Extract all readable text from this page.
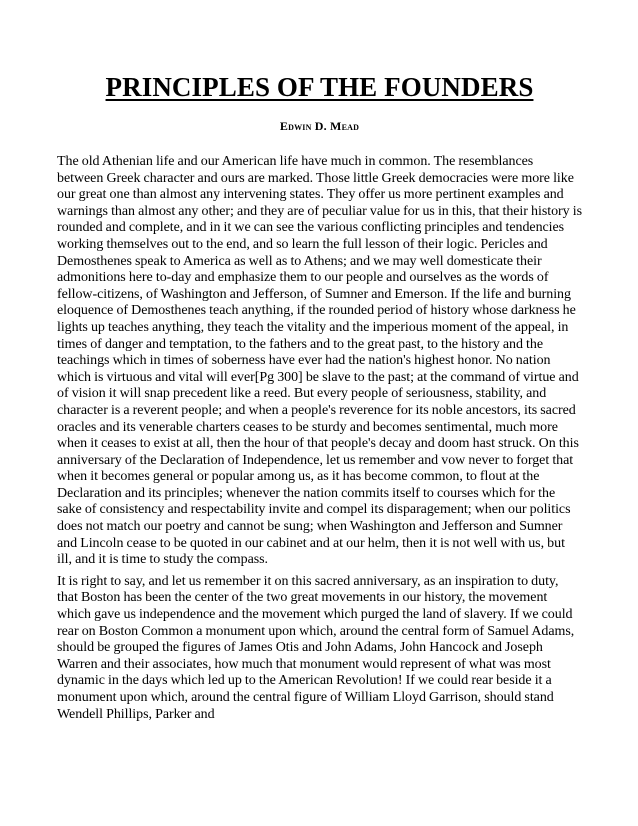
PRINCIPLES OF THE FOUNDERS
Edwin D. Mead

The old Athenian life and our American life have much in common. The resemblances between Greek character and ours are marked. Those little Greek democracies were more like our great one than almost any intervening states. They offer us more pertinent examples and warnings than almost any other; and they are of peculiar value for us in this, that their history is rounded and complete, and in it we can see the various conflicting principles and tendencies working themselves out to the end, and so learn the full lesson of their logic. Pericles and Demosthenes speak to America as well as to Athens; and we may well domesticate their admonitions here to-day and emphasize them to our people and ourselves as the words of fellow-citizens, of Washington and Jefferson, of Sumner and Emerson. If the life and burning eloquence of Demosthenes teach anything, if the rounded period of history whose darkness he lights up teaches anything, they teach the vitality and the imperious moment of the appeal, in times of danger and temptation, to the fathers and to the great past, to the history and the teachings which in times of soberness have ever had the nation's highest honor. No nation which is virtuous and vital will ever[Pg 300] be slave to the past; at the command of virtue and of vision it will snap precedent like a reed. But every people of seriousness, stability, and character is a reverent people; and when a people's reverence for its noble ancestors, its sacred oracles and its venerable charters ceases to be sturdy and becomes sentimental, much more when it ceases to exist at all, then the hour of that people's decay and doom hast struck. On this anniversary of the Declaration of Independence, let us remember and vow never to forget that when it becomes general or popular among us, as it has become common, to flout at the Declaration and its principles; whenever the nation commits itself to courses which for the sake of consistency and respectability invite and compel its disparagement; when our politics does not match our poetry and cannot be sung; when Washington and Jefferson and Sumner and Lincoln cease to be quoted in our cabinet and at our helm, then it is not well with us, but ill, and it is time to study the compass.

It is right to say, and let us remember it on this sacred anniversary, as an inspiration to duty, that Boston has been the center of the two great movements in our history, the movement which gave us independence and the movement which purged the land of slavery. If we could rear on Boston Common a monument upon which, around the central form of Samuel Adams, should be grouped the figures of James Otis and John Adams, John Hancock and Joseph Warren and their associates, how much that monument would represent of what was most dynamic in the days which led up to the American Revolution! If we could rear beside it a monument upon which, around the central figure of William Lloyd Garrison, should stand Wendell Phillips, Parker and
